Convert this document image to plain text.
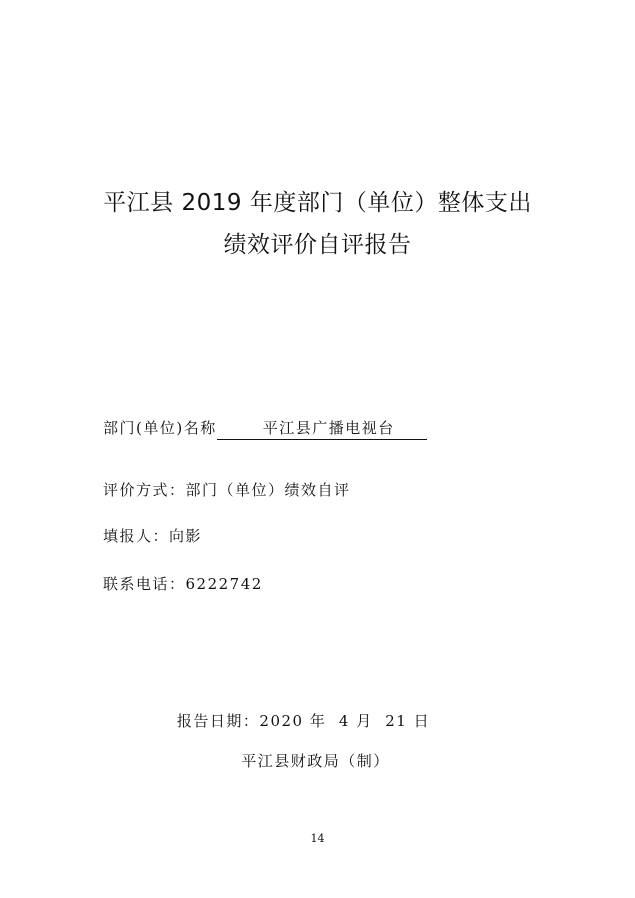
平江县 2019 年度部门（单位）整体支出
绩效评价自评报告
部门(单位)名称	平江县广播电视台
评价方式：部门（单位）绩效自评
填报人：向影
联系电话：6222742
报告日期：2020 年  4 月  21 日
平江县财政局（制）
14
